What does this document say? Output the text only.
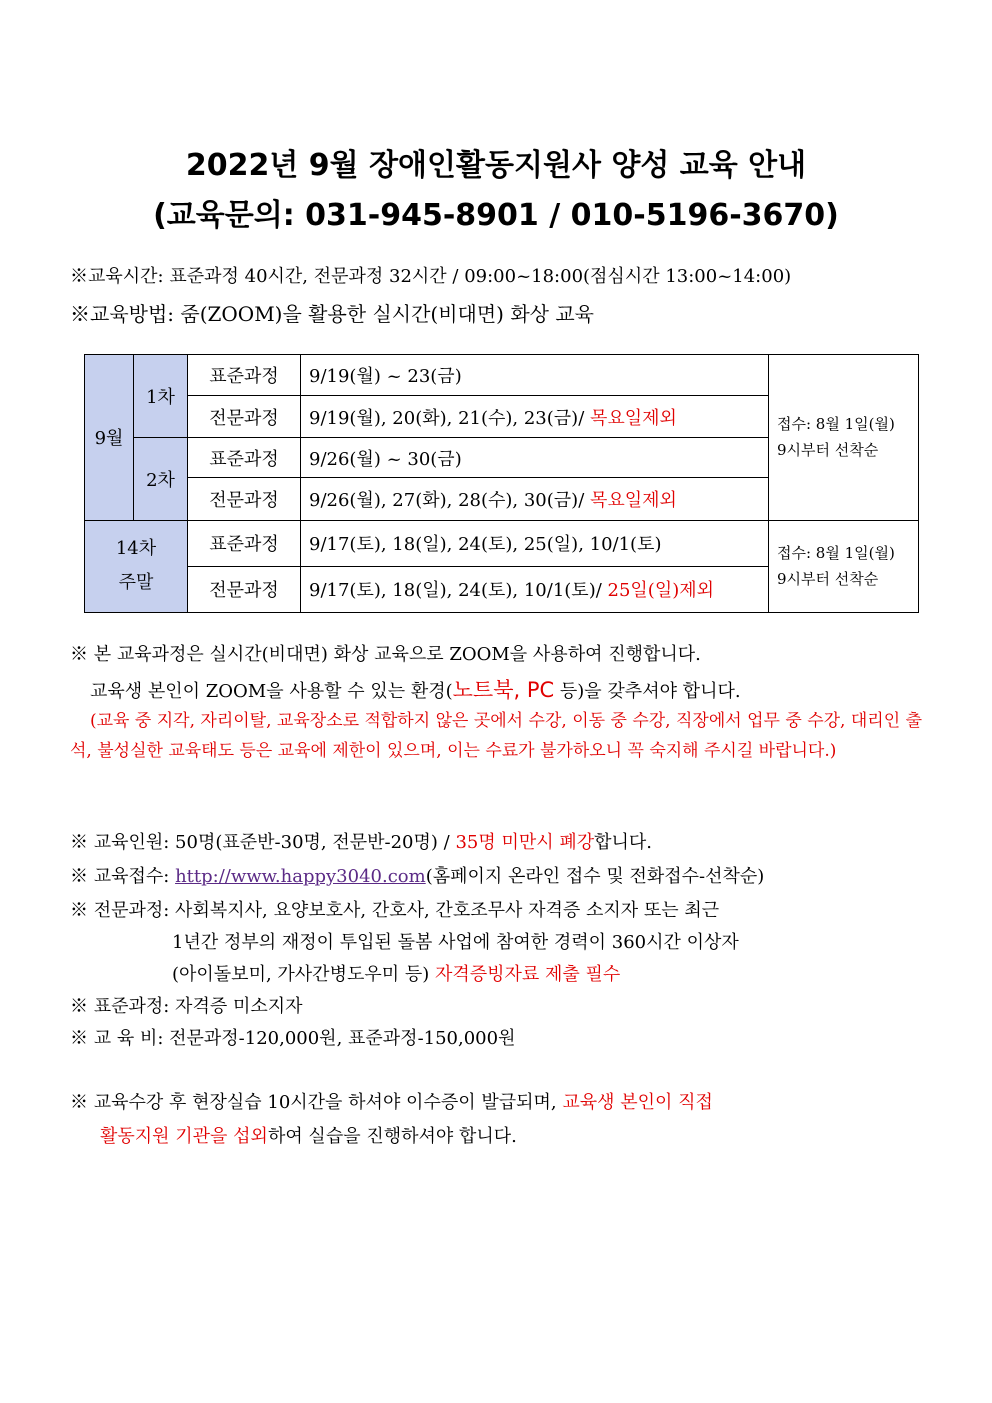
2022년 9월 장애인활동지원사 양성 교육 안내
(교육문의: 031-945-8901 / 010-5196-3670)
※교육시간: 표준과정 40시간, 전문과정 32시간 / 09:00~18:00(점심시간 13:00~14:00)
※교육방법: 줌(ZOOM)을 활용한 실시간(비대면) 화상 교육
9월	1차	표준과정	9/19(월) ~ 23(금)	접수: 8월 1일(월)
9시부터 선착순
		전문과정	9/19(월), 20(화), 21(수), 23(금)/ 목요일제외	
	2차	표준과정	9/26(월) ~ 30(금)	
		전문과정	9/26(월), 27(화), 28(수), 30(금)/ 목요일제외	
14차 주말		표준과정	9/17(토), 18(일), 24(토), 25(일), 10/1(토)	접수: 8월 1일(월)
9시부터 선착순
		전문과정	9/17(토), 18(일), 24(토), 10/1(토)/ 25일(일)제외	
※ 본 교육과정은 실시간(비대면) 화상 교육으로 ZOOM을 사용하여 진행합니다.
교육생 본인이 ZOOM을 사용할 수 있는 환경(노트북, PC 등)을 갖추셔야 합니다.
(교육 중 지각, 자리이탈, 교육장소로 적합하지 않은 곳에서 수강, 이동 중 수강, 직장에서 업무 중 수강, 대리인 출석, 불성실한 교육태도 등은 교육에 제한이 있으며, 이는 수료가 불가하오니 꼭 숙지해 주시길 바랍니다.)
※ 교육인원: 50명(표준반-30명, 전문반-20명) / 35명 미만시 폐강합니다.
※ 교육접수: http://www.happy3040.com(홈페이지 온라인 접수 및 전화접수-선착순)
※ 전문과정: 사회복지사, 요양보호사, 간호사, 간호조무사 자격증 소지자 또는 최근
1년간 정부의 재정이 투입된 돌봄 사업에 참여한 경력이 360시간 이상자
(아이돌보미, 가사간병도우미 등) 자격증빙자료 제출 필수
※ 표준과정: 자격증 미소지자
※ 교 육 비: 전문과정-120,000원, 표준과정-150,000원
※ 교육수강 후 현장실습 10시간을 하셔야 이수증이 발급되며, 교육생 본인이 직접
활동지원 기관을 섭외하여 실습을 진행하셔야 합니다.
